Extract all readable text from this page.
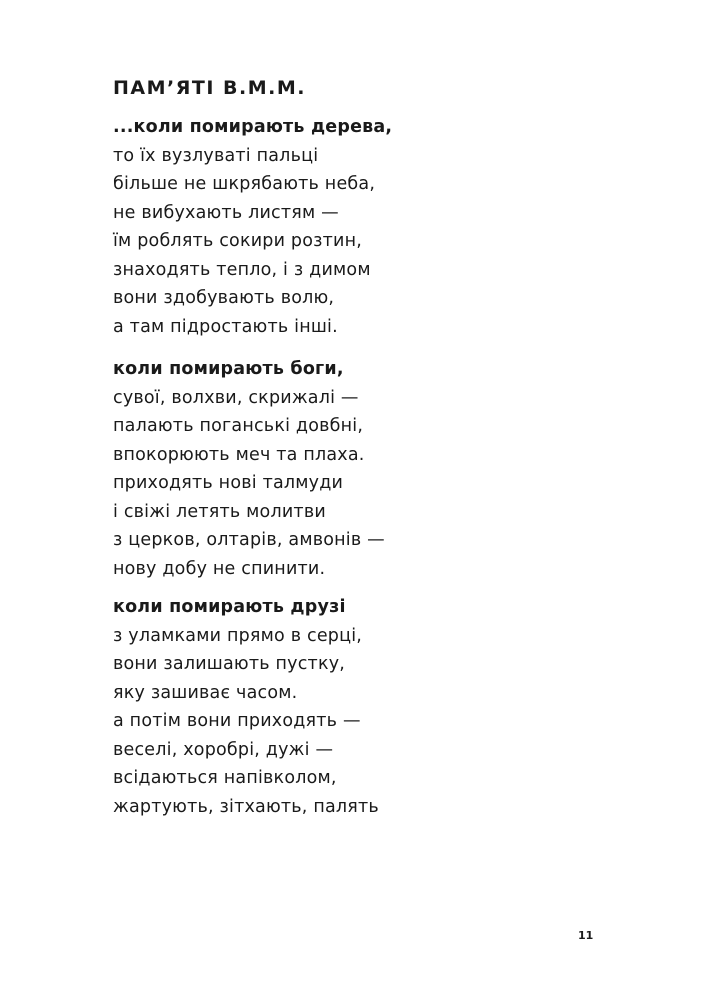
ПАМ’ЯТІ В.М.М.
...коли помирають дерева,
то їх вузлуваті пальці
більше не шкрябають неба,
не вибухають листям —
їм роблять сокири розтин,
знаходять тепло, і з димом
вони здобувають волю,
а там підростають інші.
коли помирають боги,
сувої, волхви, скрижалі —
палають поганські довбні,
впокорюють меч та плаха.
приходять нові талмуди
і свіжі летять молитви
з церков, олтарів, амвонів —
нову добу не спинити.
коли помирають друзі
з уламками прямо в серці,
вони залишають пустку,
яку зашиває часом.
а потім вони приходять —
веселі, хоробрі, дужі —
всідаються напівколом,
жартують, зітхають, палять
11
